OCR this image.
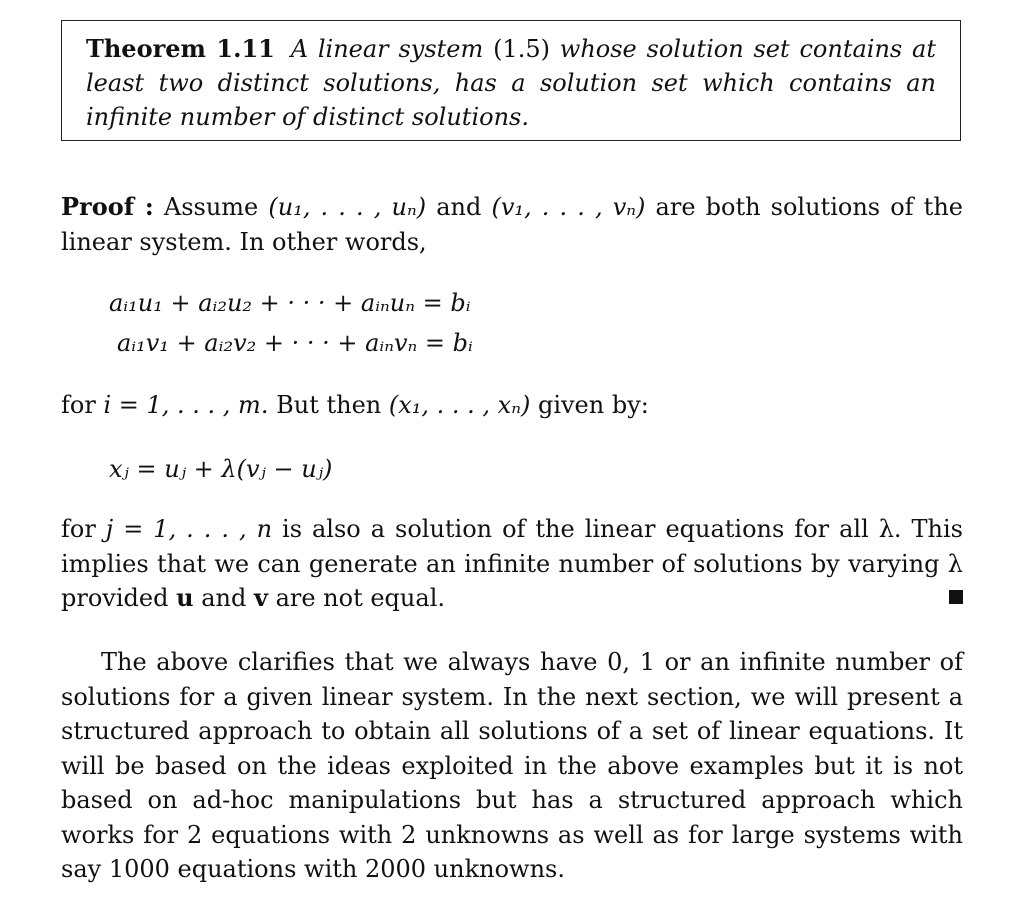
Theorem 1.11 A linear system (1.5) whose solution set contains at least two distinct solutions, has a solution set which contains an infinite number of distinct solutions.

Proof : Assume (u₁, . . . , uₙ) and (v₁, . . . , vₙ) are both solutions of the linear system. In other words,

aᵢ₁u₁ + aᵢ₂u₂ + · · · + aᵢₙuₙ = bᵢ
aᵢ₁v₁ + aᵢ₂v₂ + · · · + aᵢₙvₙ = bᵢ

for i = 1, . . . , m. But then (x₁, . . . , xₙ) given by:

xⱼ = uⱼ + λ(vⱼ − uⱼ)

for j = 1, . . . , n is also a solution of the linear equations for all λ. This implies that we can generate an infinite number of solutions by varying λ provided u and v are not equal.

The above clarifies that we always have 0, 1 or an infinite number of solutions for a given linear system. In the next section, we will present a structured approach to obtain all solutions of a set of linear equations. It will be based on the ideas exploited in the above examples but it is not based on ad-hoc manipulations but has a structured approach which works for 2 equations with 2 unknowns as well as for large systems with say 1000 equations with 2000 unknowns.
